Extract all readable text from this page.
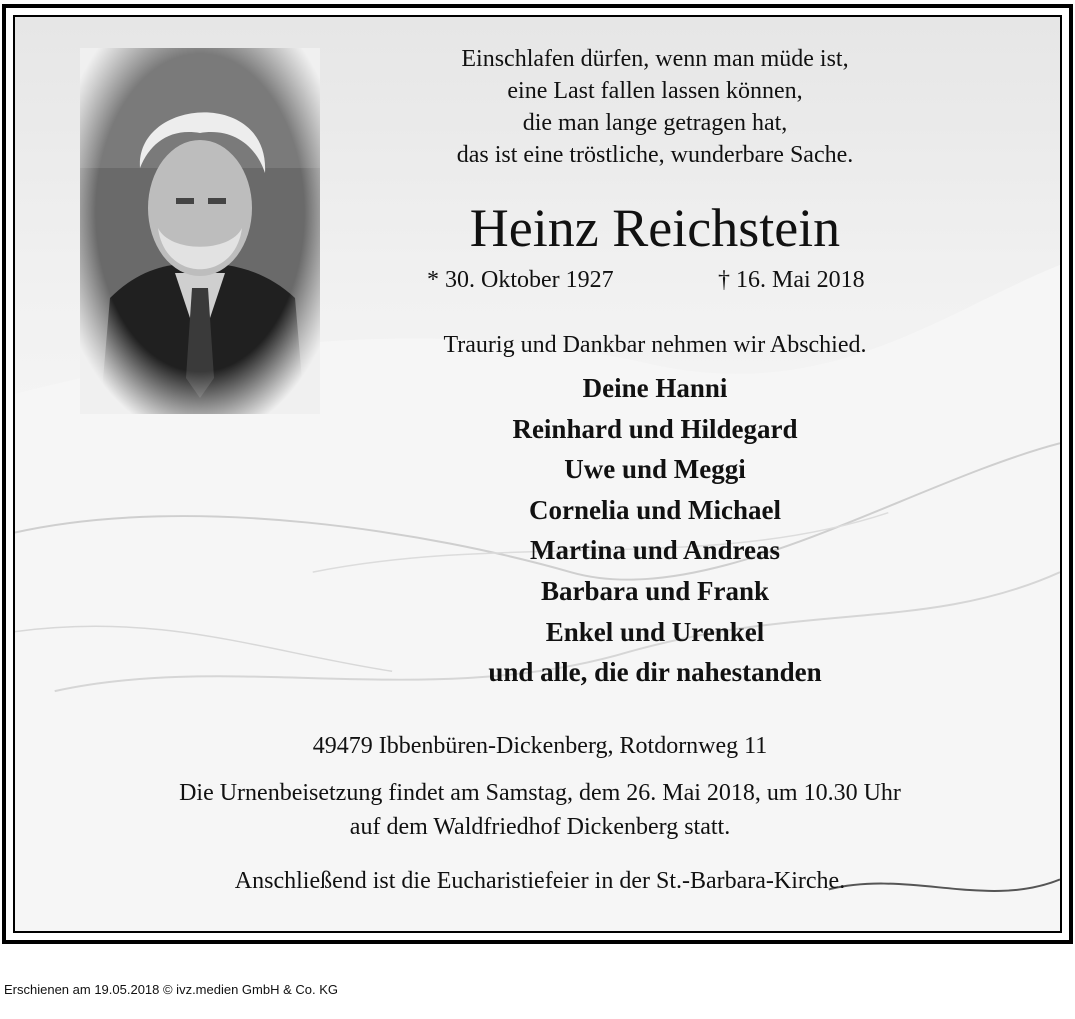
Einschlafen dürfen, wenn man müde ist,
eine Last fallen lassen können,
die man lange getragen hat,
das ist eine tröstliche, wunderbare Sache.
Heinz Reichstein
* 30. Oktober 1927	† 16. Mai 2018
Traurig und Dankbar nehmen wir Abschied.
Deine Hanni
Reinhard und Hildegard
Uwe und Meggi
Cornelia und Michael
Martina und Andreas
Barbara und Frank
Enkel und Urenkel
und alle, die dir nahestanden
49479 Ibbenbüren-Dickenberg, Rotdornweg 11
Die Urnenbeisetzung findet am Samstag, dem 26. Mai 2018, um 10.30 Uhr
auf dem Waldfriedhof Dickenberg statt.
Anschließend ist die Eucharistiefeier in der St.-Barbara-Kirche.
Erschienen am 19.05.2018 © ivz.medien GmbH & Co. KG
